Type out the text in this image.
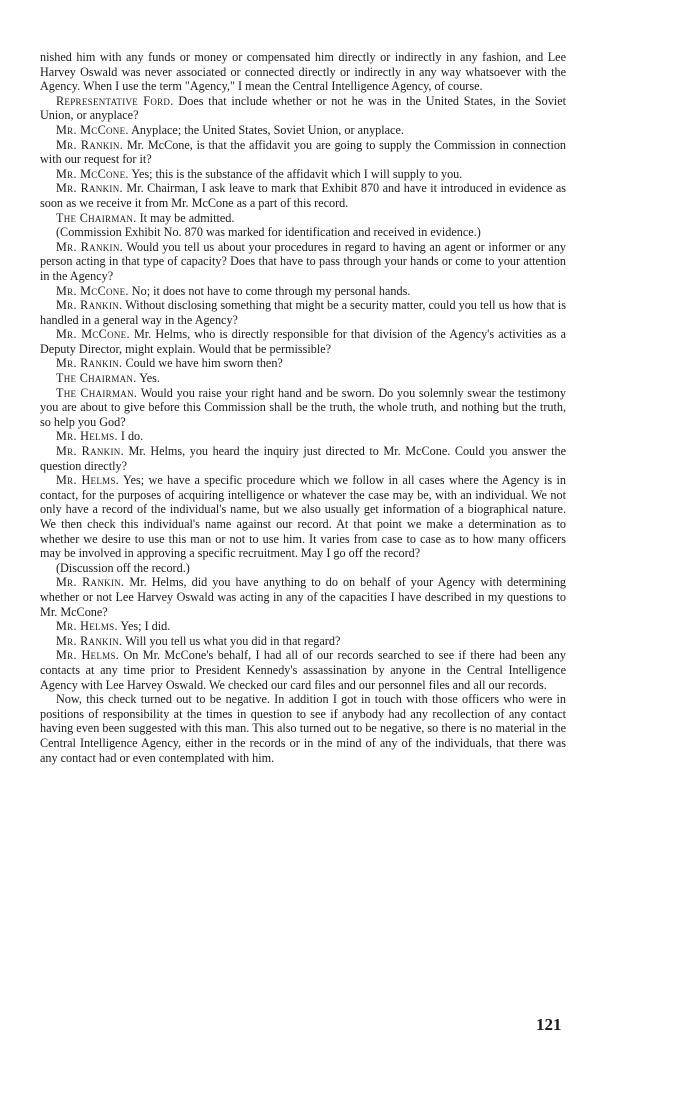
nished him with any funds or money or compensated him directly or indirectly in any fashion, and Lee Harvey Oswald was never associated or connected directly or indirectly in any way whatsoever with the Agency. When I use the term "Agency," I mean the Central Intelligence Agency, of course.

Representative Ford. Does that include whether or not he was in the United States, in the Soviet Union, or anyplace?

Mr. McCone. Anyplace; the United States, Soviet Union, or anyplace.

Mr. Rankin. Mr. McCone, is that the affidavit you are going to supply the Commission in connection with our request for it?

Mr. McCone. Yes; this is the substance of the affidavit which I will supply to you.

Mr. Rankin. Mr. Chairman, I ask leave to mark that Exhibit 870 and have it introduced in evidence as soon as we receive it from Mr. McCone as a part of this record.

The Chairman. It may be admitted.

(Commission Exhibit No. 870 was marked for identification and received in evidence.)

Mr. Rankin. Would you tell us about your procedures in regard to having an agent or informer or any person acting in that type of capacity? Does that have to pass through your hands or come to your attention in the Agency?

Mr. McCone. No; it does not have to come through my personal hands.

Mr. Rankin. Without disclosing something that might be a security matter, could you tell us how that is handled in a general way in the Agency?

Mr. McCone. Mr. Helms, who is directly responsible for that division of the Agency's activities as a Deputy Director, might explain. Would that be permissible?

Mr. Rankin. Could we have him sworn then?

The Chairman. Yes.

The Chairman. Would you raise your right hand and be sworn. Do you solemnly swear the testimony you are about to give before this Commission shall be the truth, the whole truth, and nothing but the truth, so help you God?

Mr. Helms. I do.

Mr. Rankin. Mr. Helms, you heard the inquiry just directed to Mr. McCone. Could you answer the question directly?

Mr. Helms. Yes; we have a specific procedure which we follow in all cases where the Agency is in contact, for the purposes of acquiring intelligence or whatever the case may be, with an individual. We not only have a record of the individual's name, but we also usually get information of a biographical nature. We then check this individual's name against our record. At that point we make a determination as to whether we desire to use this man or not to use him. It varies from case to case as to how many officers may be involved in approving a specific recruitment. May I go off the record?

(Discussion off the record.)

Mr. Rankin. Mr. Helms, did you have anything to do on behalf of your Agency with determining whether or not Lee Harvey Oswald was acting in any of the capacities I have described in my questions to Mr. McCone?

Mr. Helms. Yes; I did.

Mr. Rankin. Will you tell us what you did in that regard?

Mr. Helms. On Mr. McCone's behalf, I had all of our records searched to see if there had been any contacts at any time prior to President Kennedy's assassination by anyone in the Central Intelligence Agency with Lee Harvey Oswald. We checked our card files and our personnel files and all our records.

Now, this check turned out to be negative. In addition I got in touch with those officers who were in positions of responsibility at the times in question to see if anybody had any recollection of any contact having even been suggested with this man. This also turned out to be negative, so there is no material in the Central Intelligence Agency, either in the records or in the mind of any of the individuals, that there was any contact had or even contemplated with him.

121
